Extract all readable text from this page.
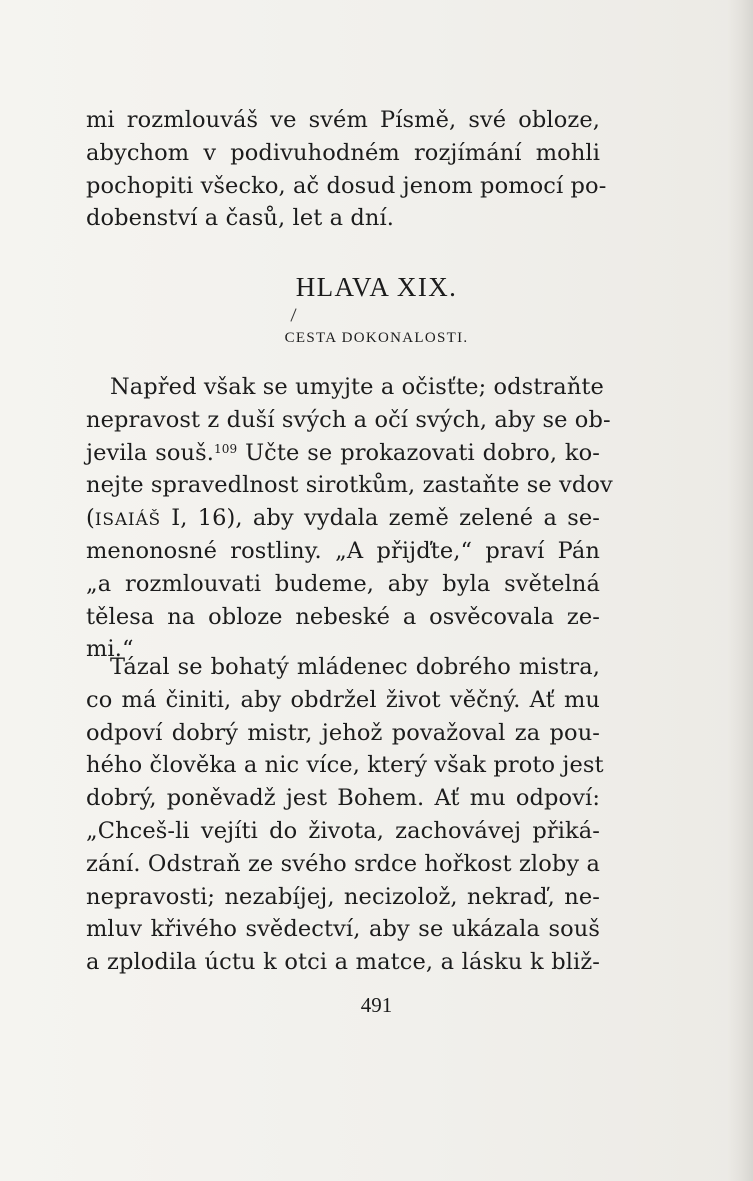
mi rozmlouváš ve svém Písmě, své obloze,
abychom v podivuhodném rozjímání mohli
pochopiti všecko, ač dosud jenom pomocí po-
dobenství a časů, let a dní.
HLAVA XIX.
CESTA DOKONALOSTI.
Napřed však se umyjte a očisťte; odstraňte
nepravost z duší svých a očí svých, aby se ob-
jevila souš.$^{109}$ Učte se prokazovati dobro, ko-
nejte spravedlnost sirotkům, zastaňte se vdov
(ISAIÁŠ I, 16), aby vydala země zelené a se-
menonosné rostliny. „A přijďte,“ praví Pán
„a rozmlouvati budeme, aby byla světelná
tělesa na obloze nebeské a osvěcovala ze-
mi.“
Tázal se bohatý mládenec dobrého mistra,
co má činiti, aby obdržel život věčný. Ať mu
odpoví dobrý mistr, jehož považoval za pou-
hého člověka a nic více, který však proto jest
dobrý, poněvadž jest Bohem. Ať mu odpoví:
„Chceš-li vejíti do života, zachovávej přiká-
zání. Odstraň ze svého srdce hořkost zloby a
nepravosti; nezabíjej, necizolož, nekraď, ne-
mluv křivého svědectví, aby se ukázala souš
a zplodila úctu k otci a matce, a lásku k bliž-
491
